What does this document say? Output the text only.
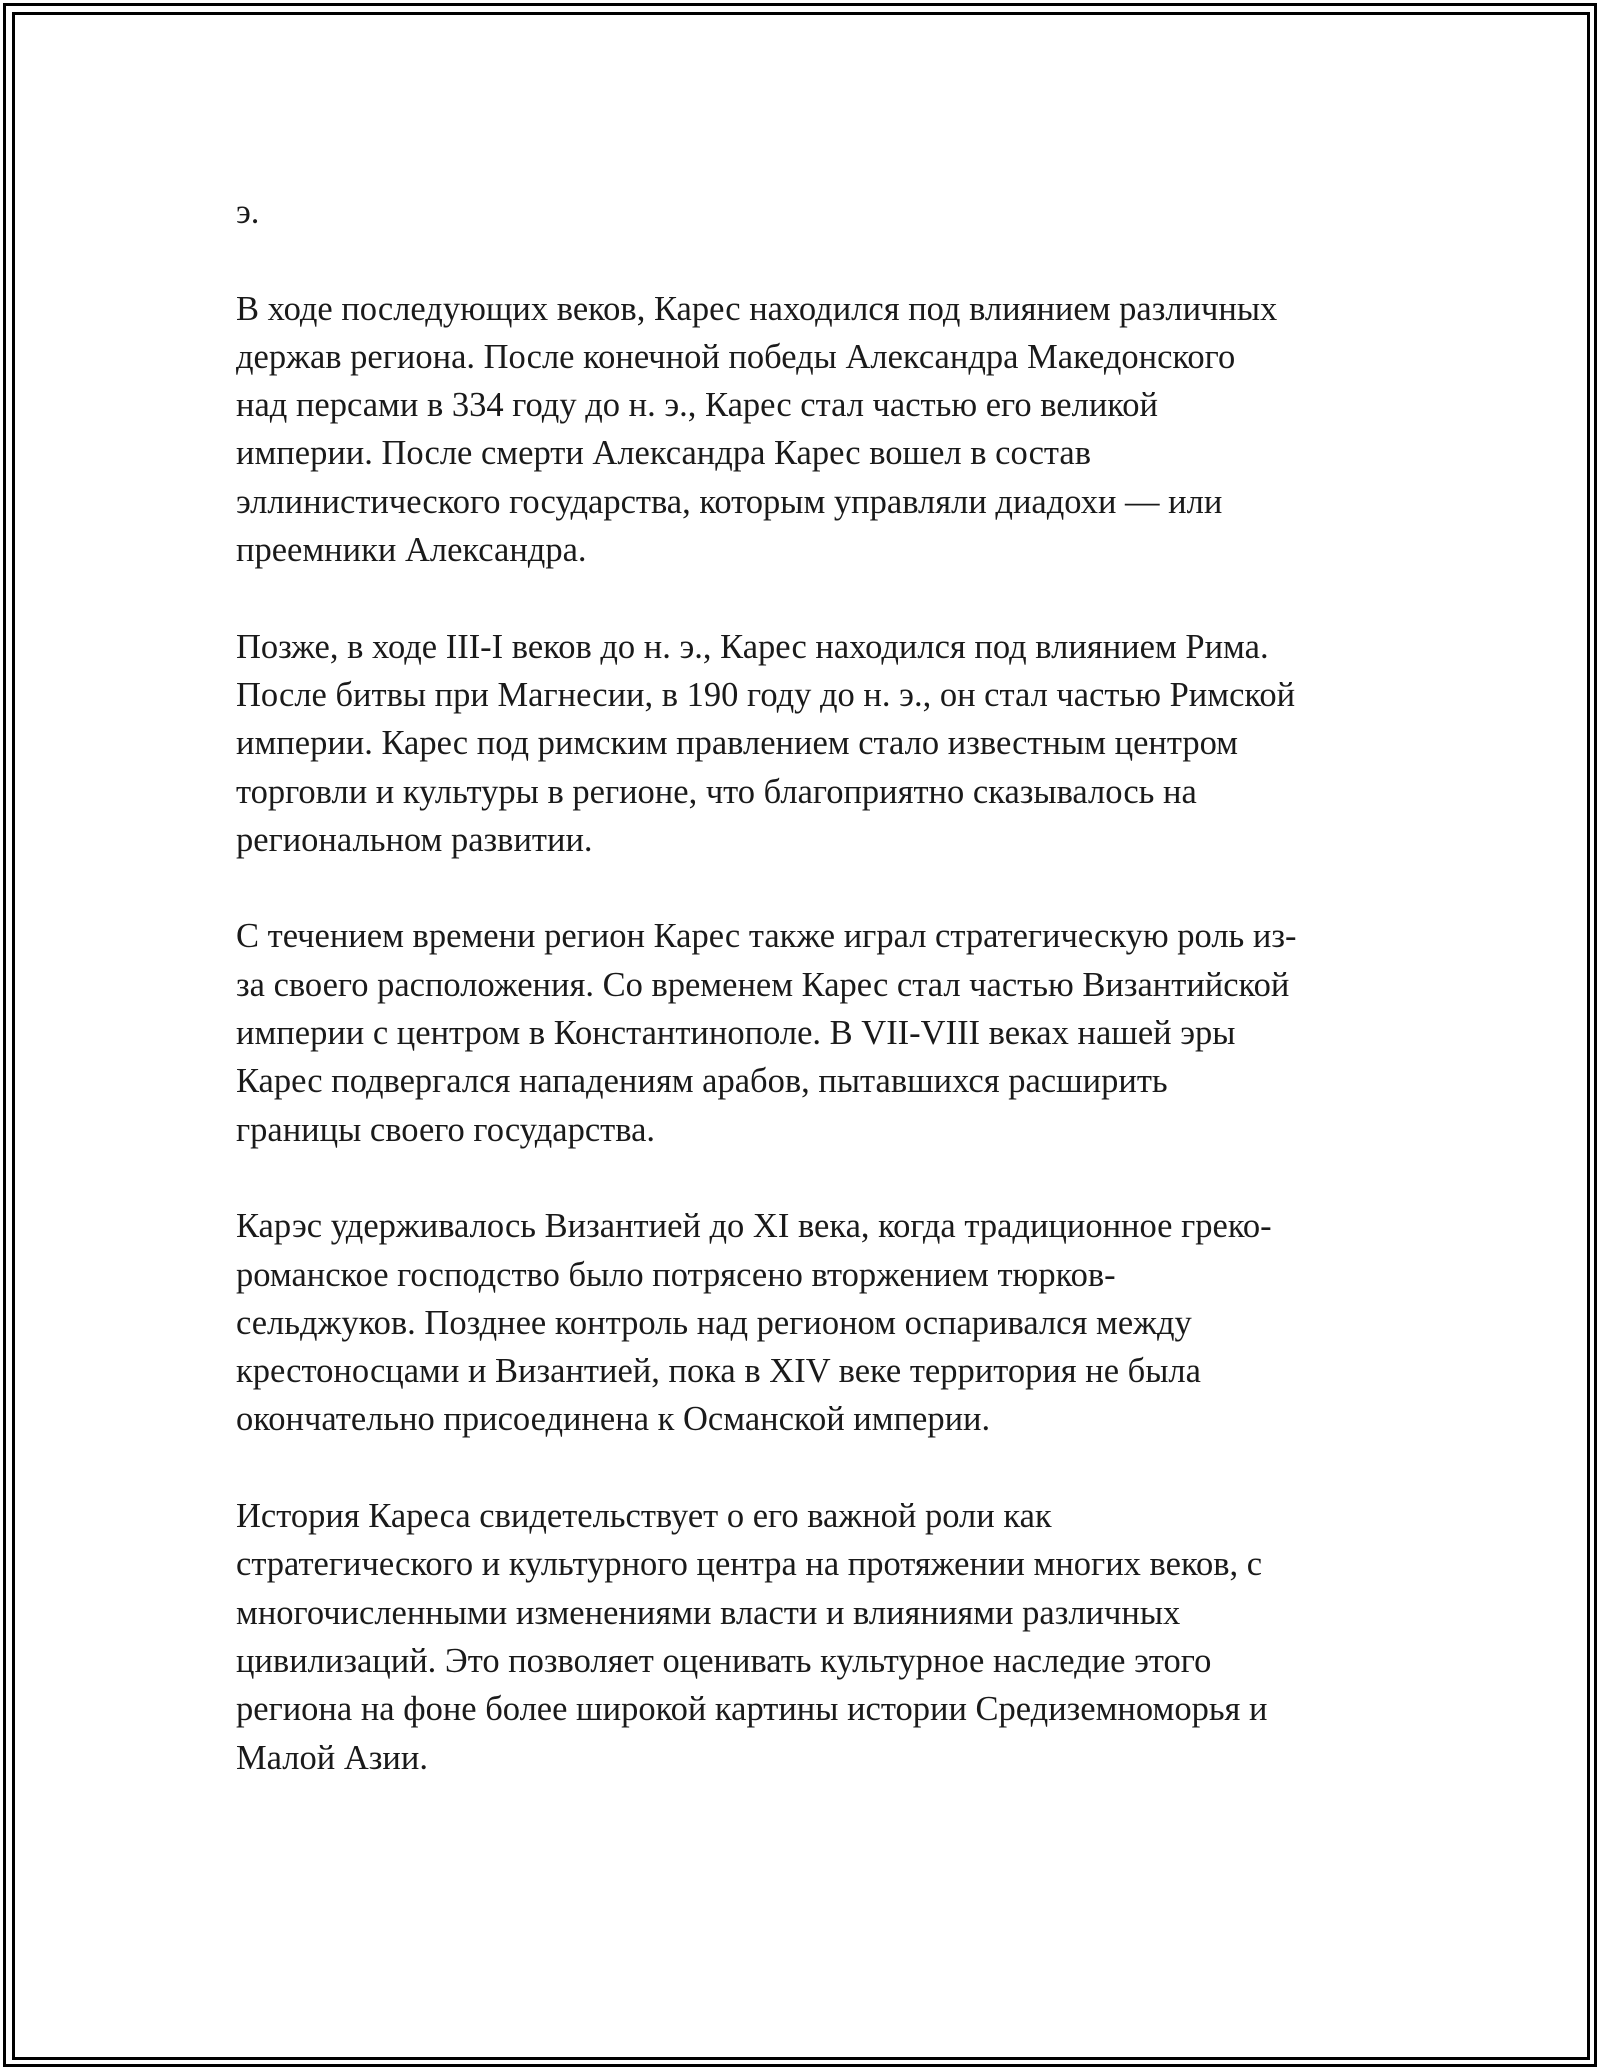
э.

В ходе последующих веков, Карес находился под влиянием различных
держав региона. После конечной победы Александра Македонского
над персами в 334 году до н. э., Карес стал частью его великой
империи. После смерти Александра Карес вошел в состав
эллинистического государства, которым управляли диадохи — или
преемники Александра.

Позже, в ходе III-I веков до н. э., Карес находился под влиянием Рима.
После битвы при Магнесии, в 190 году до н. э., он стал частью Римской
империи. Карес под римским правлением стало известным центром
торговли и культуры в регионе, что благоприятно сказывалось на
региональном развитии.

С течением времени регион Карес также играл стратегическую роль из-
за своего расположения. Со временем Карес стал частью Византийской
империи с центром в Константинополе. В VII-VIII веках нашей эры
Карес подвергался нападениям арабов, пытавшихся расширить
границы своего государства.

Карэс удерживалось Византией до XI века, когда традиционное греко-
романское господство было потрясено вторжением тюрков-
сельджуков. Позднее контроль над регионом оспаривался между
крестоносцами и Византией, пока в XIV веке территория не была
окончательно присоединена к Османской империи.

История Кареса свидетельствует о его важной роли как
стратегического и культурного центра на протяжении многих веков, с
многочисленными изменениями власти и влияниями различных
цивилизаций. Это позволяет оценивать культурное наследие этого
региона на фоне более широкой картины истории Средиземноморья и
Малой Азии.
